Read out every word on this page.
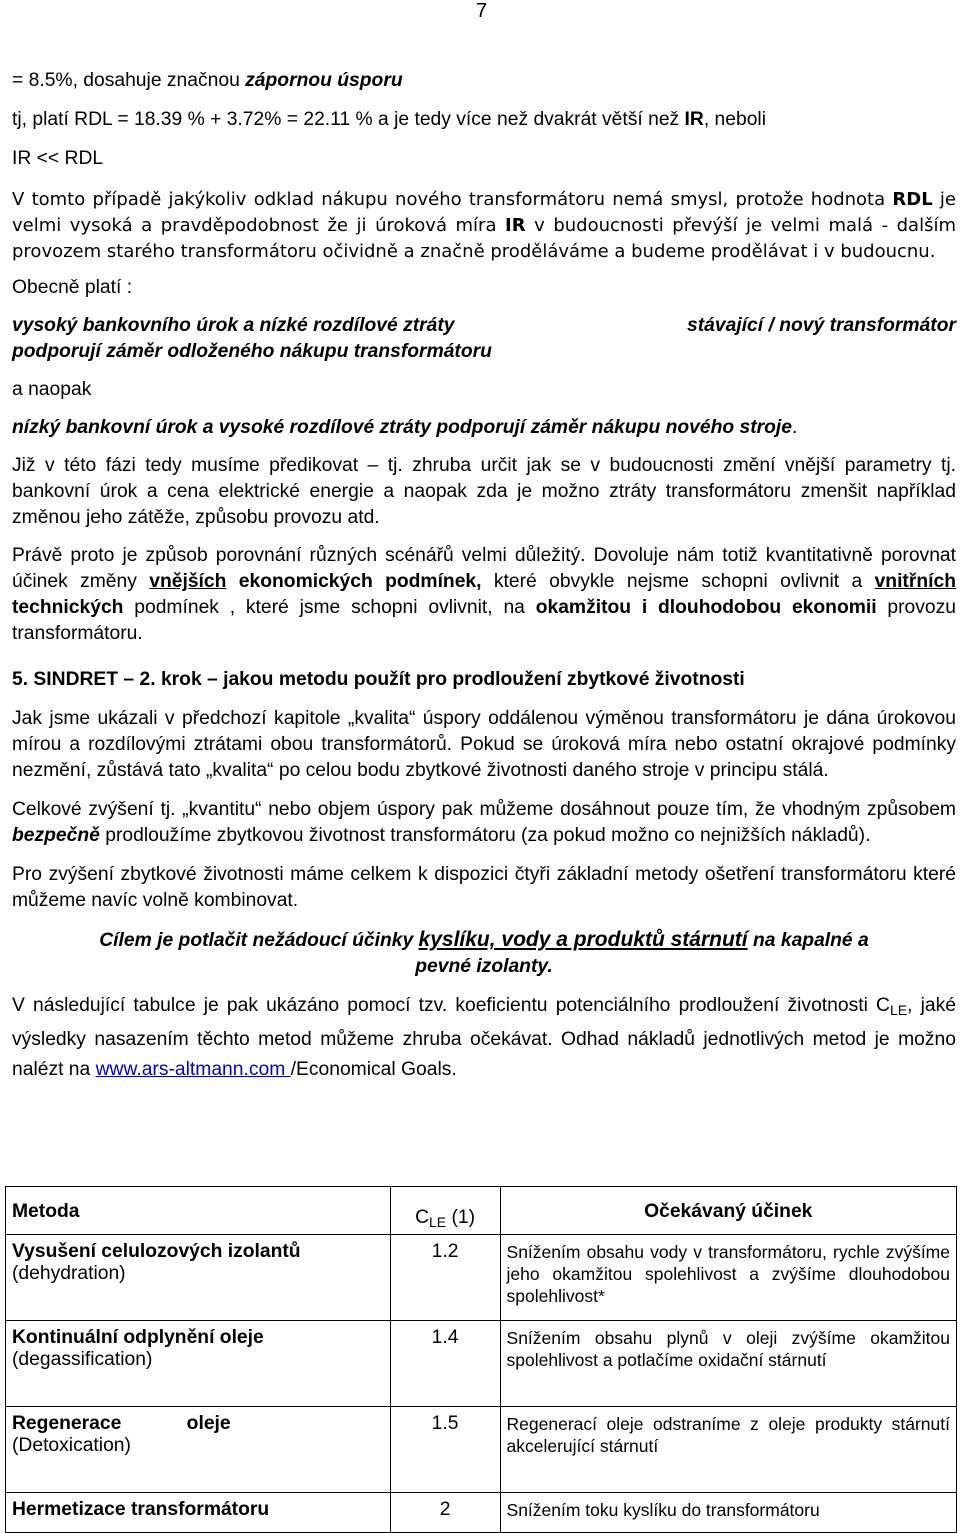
7

= 8.5%, dosahuje značnou zápornou úsporu

tj, platí RDL = 18.39 % + 3.72% = 22.11 % a je tedy více než dvakrát větší než IR, neboli

IR << RDL

V tomto případě jakýkoliv odklad nákupu nového transformátoru nemá smysl, protože hodnota RDL je velmi vysoká a pravděpodobnost že ji úroková míra IR v budoucnosti převýší je velmi malá - dalším provozem starého transformátoru očividně a značně proděláváme a budeme prodělávat i v budoucnu.

Obecně platí :

vysoký bankovního úrok a nízké rozdílové ztráty	stávající / nový transformátor
podporují záměr odloženého nákupu transformátoru

a naopak

nízký bankovní úrok a vysoké rozdílové ztráty podporují záměr nákupu nového stroje.

Již v této fázi tedy musíme předikovat – tj. zhruba určit jak se v budoucnosti změní vnější parametry tj. bankovní úrok a cena elektrické energie a naopak zda je možno ztráty transformátoru zmenšit například změnou jeho zátěže, způsobu provozu atd.

Právě proto je způsob porovnání různých scénářů velmi důležitý. Dovoluje nám totiž kvantitativně porovnat účinek změny vnějších ekonomických podmínek, které obvykle nejsme schopni ovlivnit a vnitřních technických podmínek , které jsme schopni ovlivnit, na okamžitou i dlouhodobou ekonomii provozu transformátoru.

5. SINDRET – 2. krok – jakou metodu použít pro prodloužení zbytkové životnosti

Jak jsme ukázali v předchozí kapitole „kvalita“ úspory oddálenou výměnou transformátoru je dána úrokovou mírou a rozdílovými ztrátami obou transformátorů. Pokud se úroková míra nebo ostatní okrajové podmínky nezmění, zůstává tato „kvalita“ po celou bodu zbytkové životnosti daného stroje v principu stálá.

Celkové zvýšení tj. „kvantitu“ nebo objem úspory pak můžeme dosáhnout pouze tím, že vhodným způsobem bezpečně prodloužíme zbytkovou životnost transformátoru (za pokud možno co nejnižších nákladů).

Pro zvýšení zbytkové životnosti máme celkem k dispozici čtyři základní metody ošetření transformátoru které můžeme navíc volně kombinovat.

Cílem je potlačit nežádoucí účinky kyslíku, vody a produktů stárnutí na kapalné a
pevné izolanty.

V následující tabulce je pak ukázáno pomocí tzv. koeficientu potenciálního prodloužení životnosti $C_{LE}$, jaké výsledky nasazením těchto metod můžeme zhruba očekávat. Odhad nákladů jednotlivých metod je možno nalézt na www.ars-altmann.com /Economical Goals.

Metoda	$C_{LE}$ (1)	Očekávaný účinek

Vysušení celulozových izolantů
(dehydration)	1.2	Snížením obsahu vody v transformátoru, rychle zvýšíme jeho okamžitou spolehlivost a zvýšíme dlouhodobou spolehlivost*

Kontinuální odplynění oleje
(degassification)	1.4	Snížením obsahu plynů v oleji zvýšíme okamžitou spolehlivost a potlačíme oxidační stárnutí

Regenerace oleje
(Detoxication)	1.5	Regenerací oleje odstraníme z oleje produkty stárnutí akcelerující stárnutí

Hermetizace transformátoru	2	Snížením toku kyslíku do transformátoru
